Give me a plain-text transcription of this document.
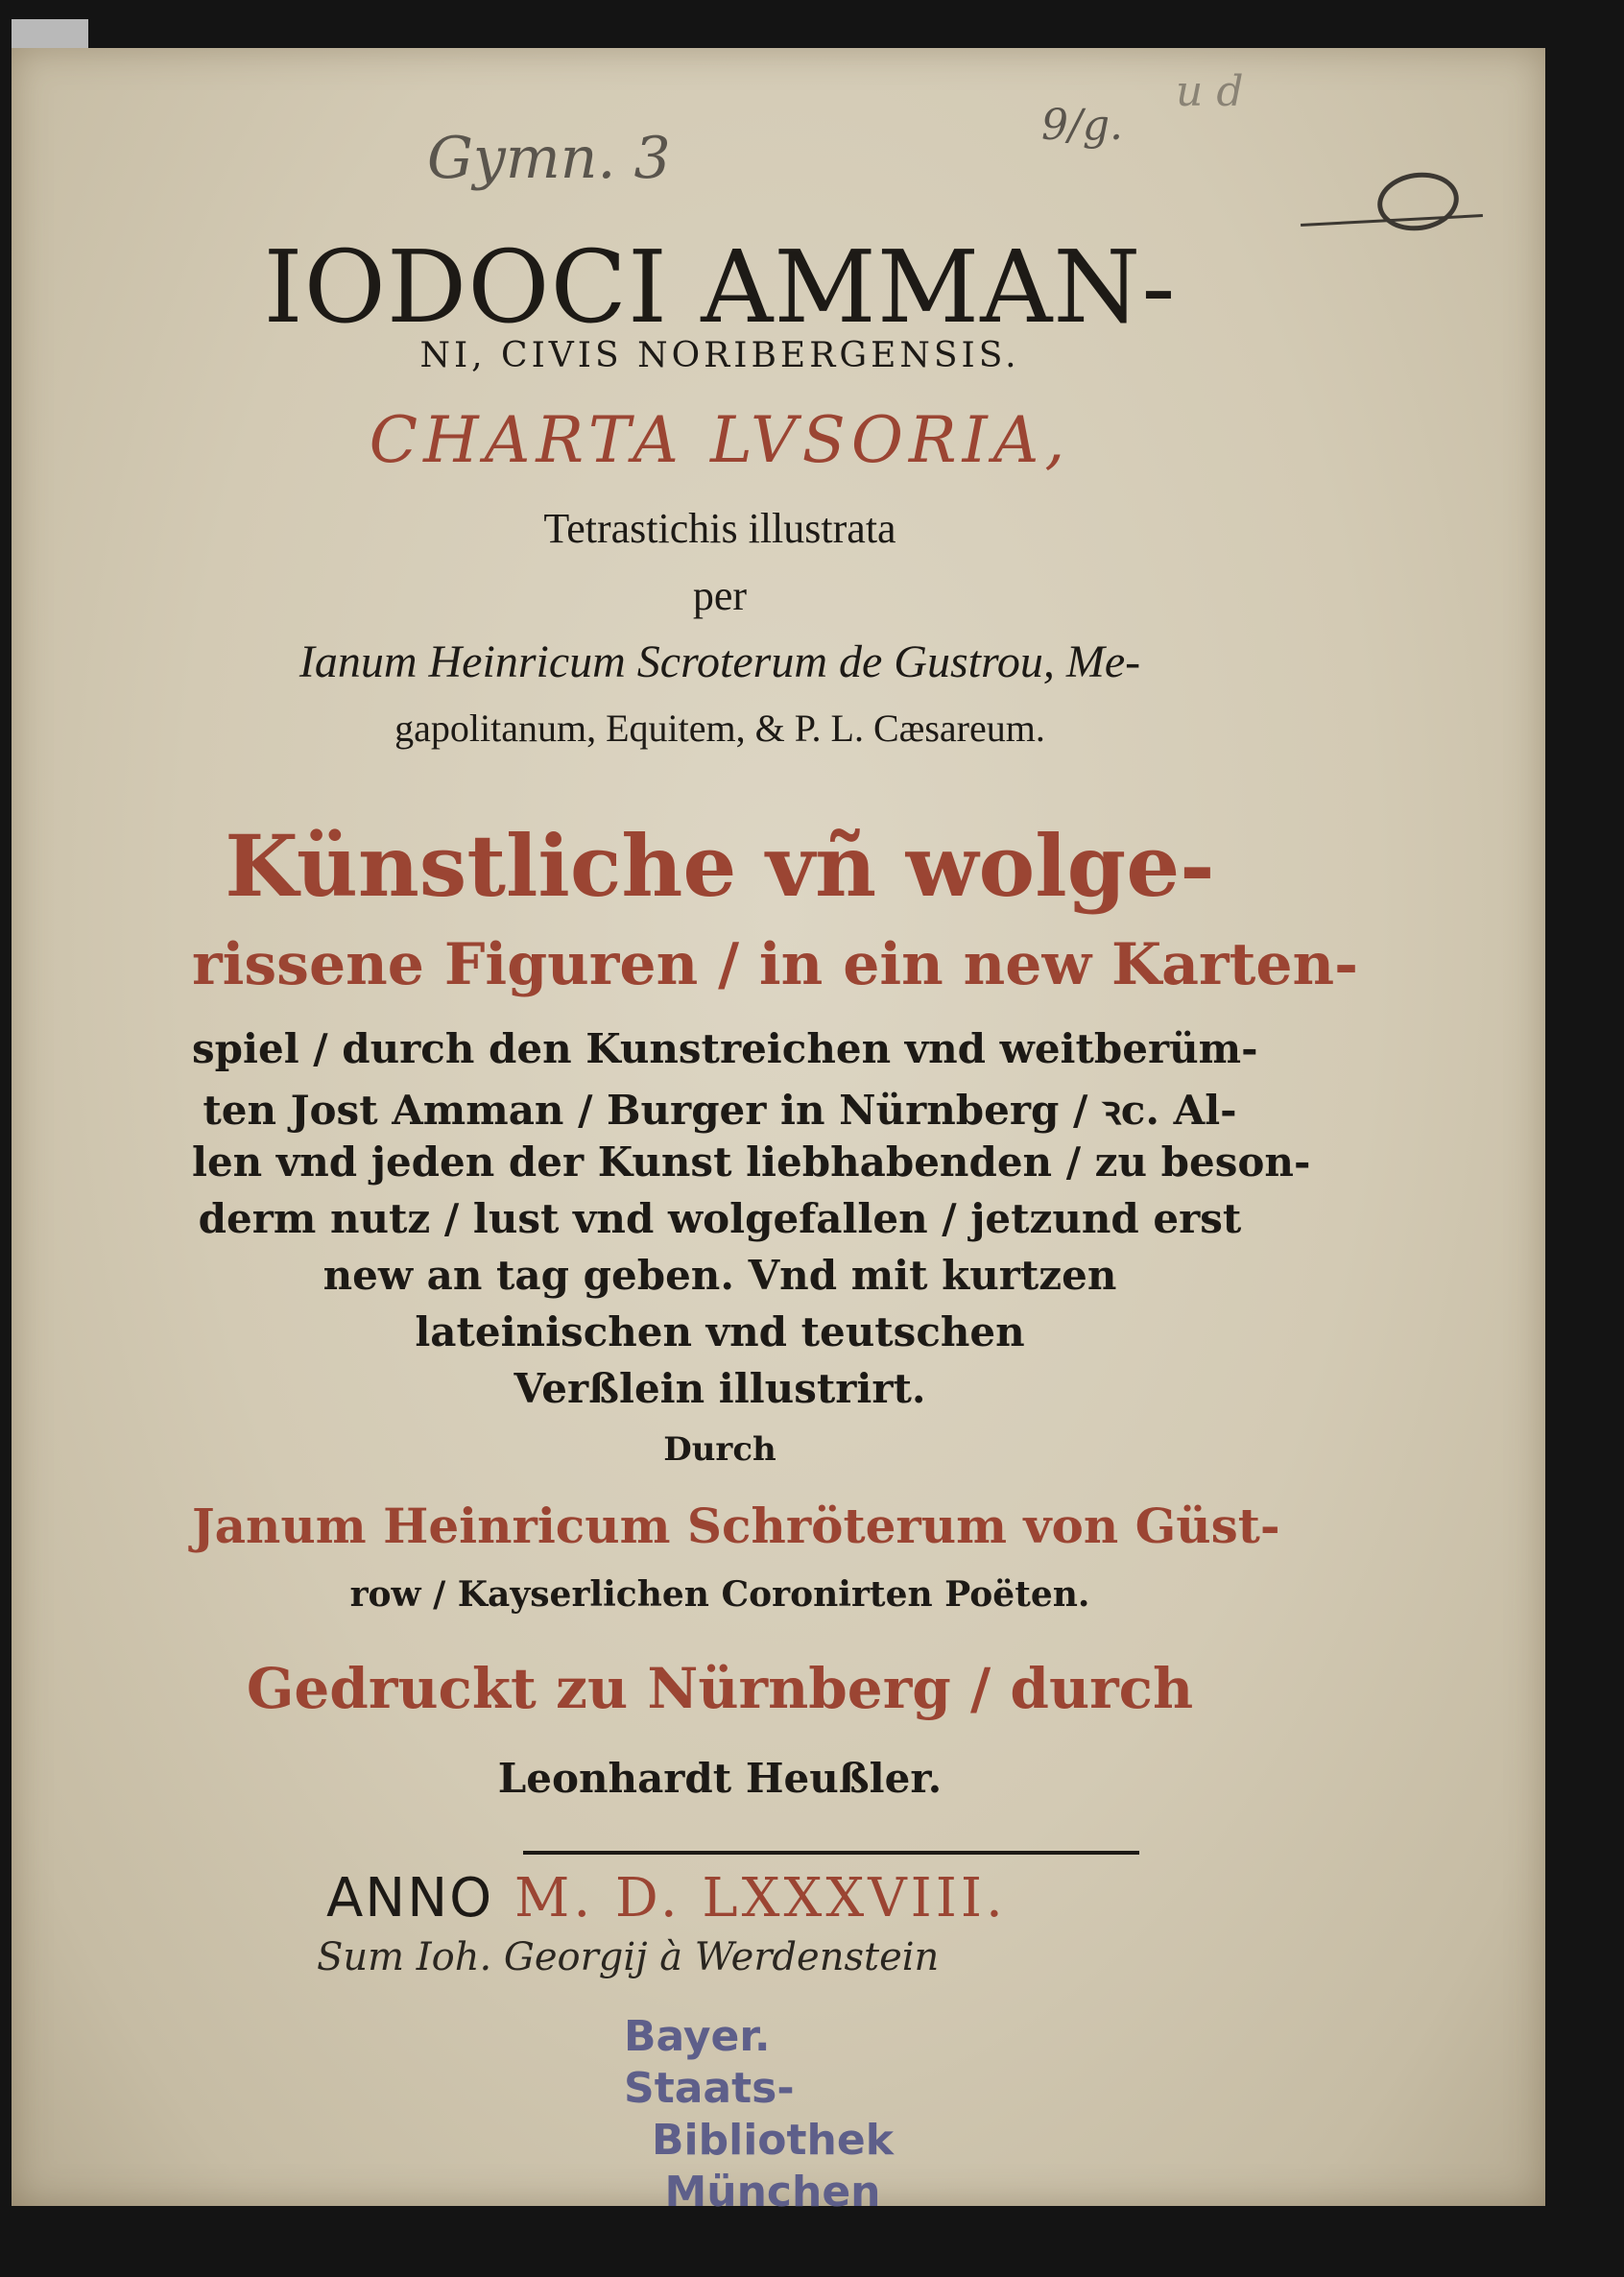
Gymn. 3	9/g.
u d
IODOCI AMMAN-
NI, CIVIS NORIBERGENSIS.
CHARTA LVSORIA,
Tetrastichis illustrata
per
Ianum Heinricum Scroterum de Gustrou, Me-
gapolitanum, Equitem, & P. L. Cæsareum.
Künstliche vñ wolge-
rissene Figuren / in ein new Karten-
spiel / durch den Kunstreichen vnd weitberüm-
ten Jost Amman / Burger in Nürnberg / ꝛc. Al-
len vnd jeden der Kunst liebhabenden / zu beson-
derm nutz / lust vnd wolgefallen / jetzund erst
new an tag geben. Vnd mit kurtzen
lateinischen vnd teutschen
Verßlein illustrirt.
Durch
Janum Heinricum Schröterum von Güst-
row / Kayserlichen Coronirten Poëten.
Gedruckt zu Nürnberg / durch
Leonhardt Heußler.
ANNO M. D. LXXXVIII.
Sum Ioh. Georgij à Werdenstein
Bayer. Staats-
Bibliothek
München
